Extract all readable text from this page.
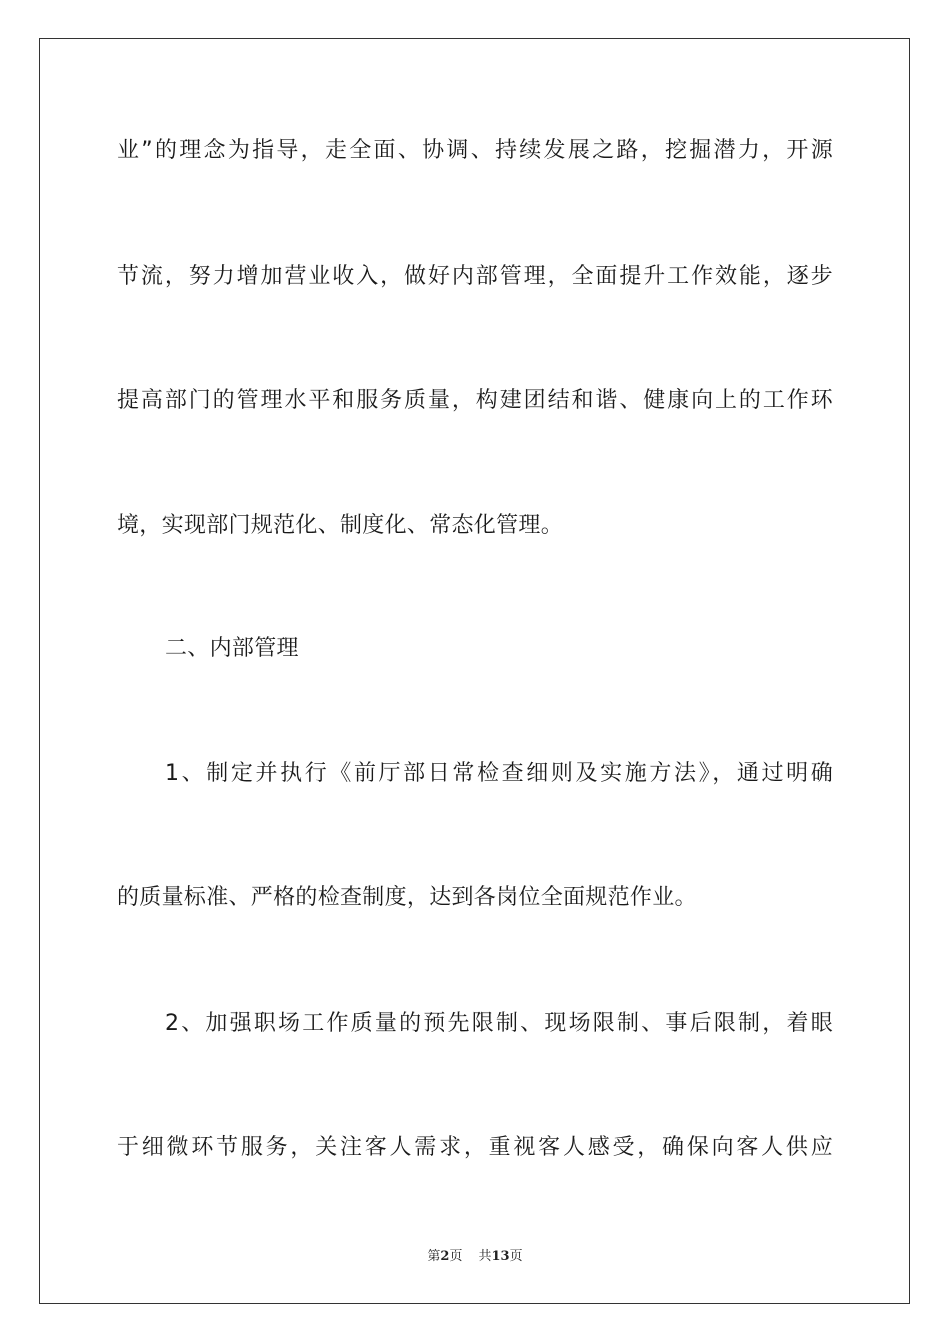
业”的理念为指导，走全面、协调、持续发展之路，挖掘潜力，开源
节流，努力增加营业收入，做好内部管理，全面提升工作效能，逐步
提高部门的管理水平和服务质量，构建团结和谐、健康向上的工作环
境，实现部门规范化、制度化、常态化管理。
二、内部管理
1、制定并执行《前厅部日常检查细则及实施方法》，通过明确
的质量标准、严格的检查制度，达到各岗位全面规范作业。
2、加强职场工作质量的预先限制、现场限制、事后限制，着眼
于细微环节服务，关注客人需求，重视客人感受，确保向客人供应
第2页 共13页
